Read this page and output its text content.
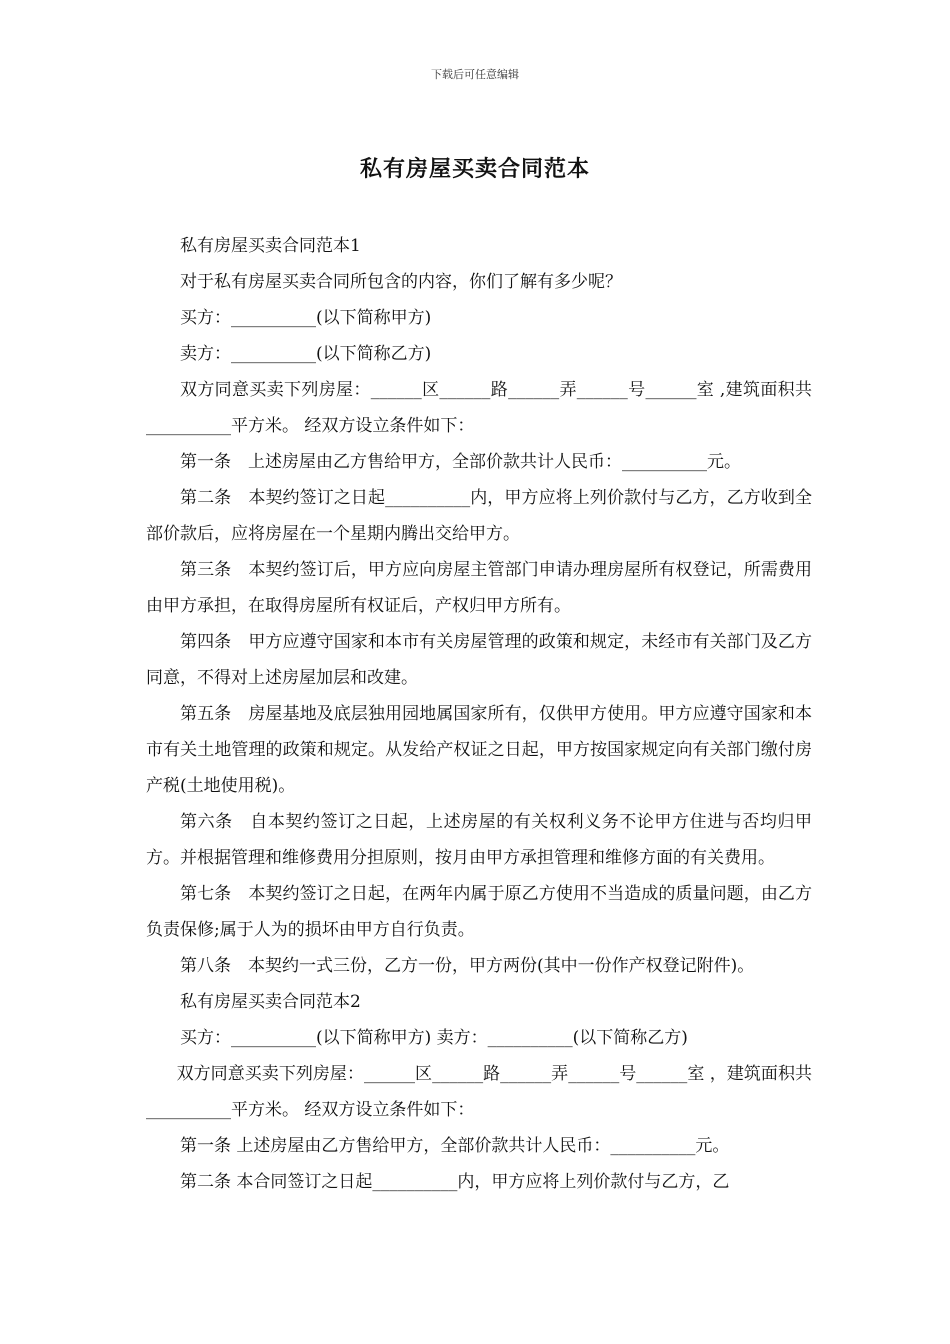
下载后可任意编辑
私有房屋买卖合同范本

私有房屋买卖合同范本1

对于私有房屋买卖合同所包含的内容，你们了解有多少呢？

买方：__________(以下简称甲方)

卖方：__________(以下简称乙方)

双方同意买卖下列房屋：______区______路______弄______号______室 ,建筑面积共__________平方米。 经双方设立条件如下：

第一条　上述房屋由乙方售给甲方，全部价款共计人民币：__________元。

第二条　本契约签订之日起__________内，甲方应将上列价款付与乙方，乙方收到全部价款后，应将房屋在一个星期内腾出交给甲方。

第三条　本契约签订后，甲方应向房屋主管部门申请办理房屋所有权登记，所需费用由甲方承担，在取得房屋所有权证后，产权归甲方所有。

第四条　甲方应遵守国家和本市有关房屋管理的政策和规定，未经市有关部门及乙方同意，不得对上述房屋加层和改建。

第五条　房屋基地及底层独用园地属国家所有，仅供甲方使用。甲方应遵守国家和本市有关土地管理的政策和规定。从发给产权证之日起，甲方按国家规定向有关部门缴付房产税(土地使用税)。

第六条　自本契约签订之日起，上述房屋的有关权利义务不论甲方住进与否均归甲方。并根据管理和维修费用分担原则，按月由甲方承担管理和维修方面的有关费用。

第七条　本契约签订之日起，在两年内属于原乙方使用不当造成的质量问题，由乙方负责保修;属于人为的损坏由甲方自行负责。

第八条　本契约一式三份，乙方一份，甲方两份(其中一份作产权登记附件)。

私有房屋买卖合同范本2

买方：__________(以下简称甲方) 卖方：__________(以下简称乙方)

双方同意买卖下列房屋：______区______路______弄______号______室 ，建筑面积共__________平方米。 经双方设立条件如下：

第一条 上述房屋由乙方售给甲方，全部价款共计人民币：__________元。

第二条 本合同签订之日起__________内，甲方应将上列价款付与乙方，乙
